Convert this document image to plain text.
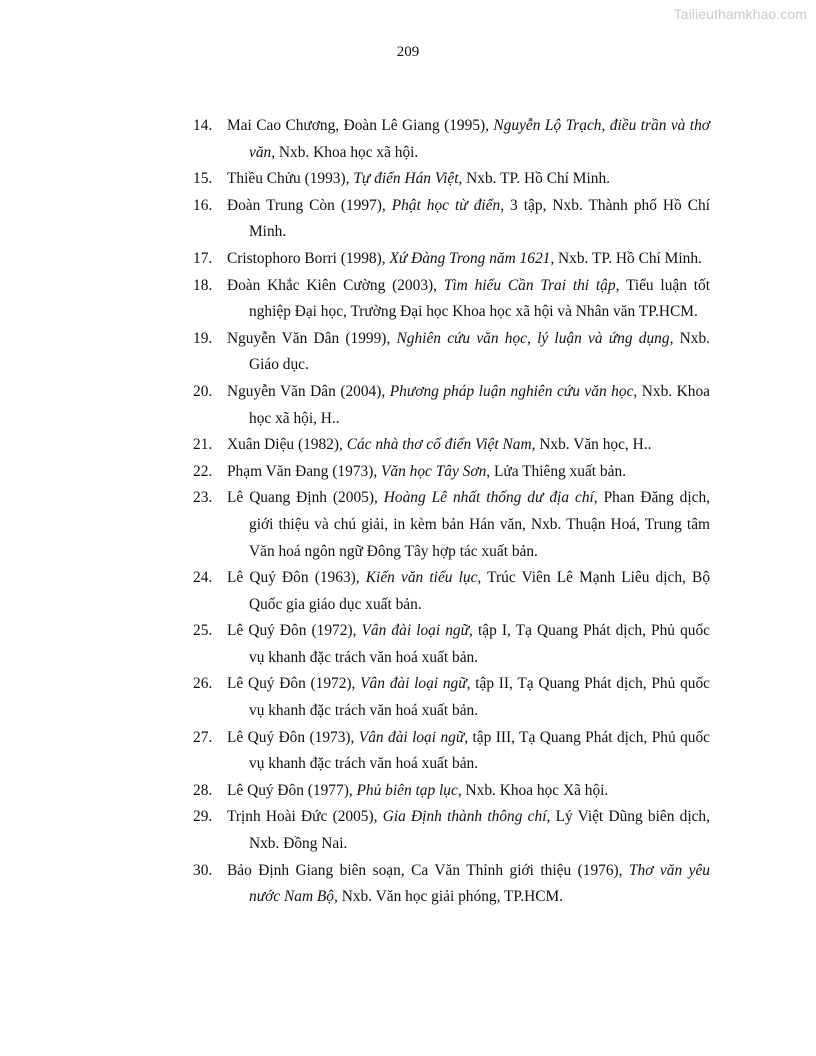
Tailieuthamkhao.com
209
14. Mai Cao Chương, Đoàn Lê Giang (1995), Nguyễn Lộ Trạch, điều trần và thơ văn, Nxb. Khoa học xã hội.
15. Thiều Chửu (1993), Tự điển Hán Việt, Nxb. TP. Hồ Chí Minh.
16. Đoàn Trung Còn (1997), Phật học từ điển, 3 tập, Nxb. Thành phố Hồ Chí Minh.
17. Cristophoro Borri (1998), Xứ Đàng Trong năm 1621, Nxb. TP. Hồ Chí Minh.
18. Đoàn Khắc Kiên Cường (2003), Tìm hiểu Cần Trai thi tập, Tiểu luận tốt nghiệp Đại học, Trường Đại học Khoa học xã hội và Nhân văn TP.HCM.
19. Nguyễn Văn Dân (1999), Nghiên cứu văn học, lý luận và ứng dụng, Nxb. Giáo dục.
20. Nguyễn Văn Dân (2004), Phương pháp luận nghiên cứu văn học, Nxb. Khoa học xã hội, H..
21. Xuân Diệu (1982), Các nhà thơ cổ điển Việt Nam, Nxb. Văn học, H..
22. Phạm Văn Đang (1973), Văn học Tây Sơn, Lửa Thiêng xuất bản.
23. Lê Quang Định (2005), Hoàng Lê nhất thống dư địa chí, Phan Đăng dịch, giới thiệu và chú giải, in kèm bản Hán văn, Nxb. Thuận Hoá, Trung tâm Văn hoá ngôn ngữ Đông Tây hợp tác xuất bản.
24. Lê Quý Đôn (1963), Kiến văn tiểu lục, Trúc Viên Lê Mạnh Liêu dịch, Bộ Quốc gia giáo dục xuất bản.
25. Lê Quý Đôn (1972), Vân đài loại ngữ, tập I, Tạ Quang Phát dịch, Phủ quốc vụ khanh đặc trách văn hoá xuất bản.
26. Lê Quý Đôn (1972), Vân đài loại ngữ, tập II, Tạ Quang Phát dịch, Phủ quốc vụ khanh đặc trách văn hoá xuất bản.
27. Lê Quý Đôn (1973), Vân đài loại ngữ, tập III, Tạ Quang Phát dịch, Phủ quốc vụ khanh đặc trách văn hoá xuất bản.
28. Lê Quý Đôn (1977), Phủ biên tạp lục, Nxb. Khoa học Xã hội.
29. Trịnh Hoài Đức (2005), Gia Định thành thông chí, Lý Việt Dũng biên dịch, Nxb. Đồng Nai.
30. Bảo Định Giang biên soạn, Ca Văn Thỉnh giới thiệu (1976), Thơ văn yêu nước Nam Bộ, Nxb. Văn học giải phóng, TP.HCM.
